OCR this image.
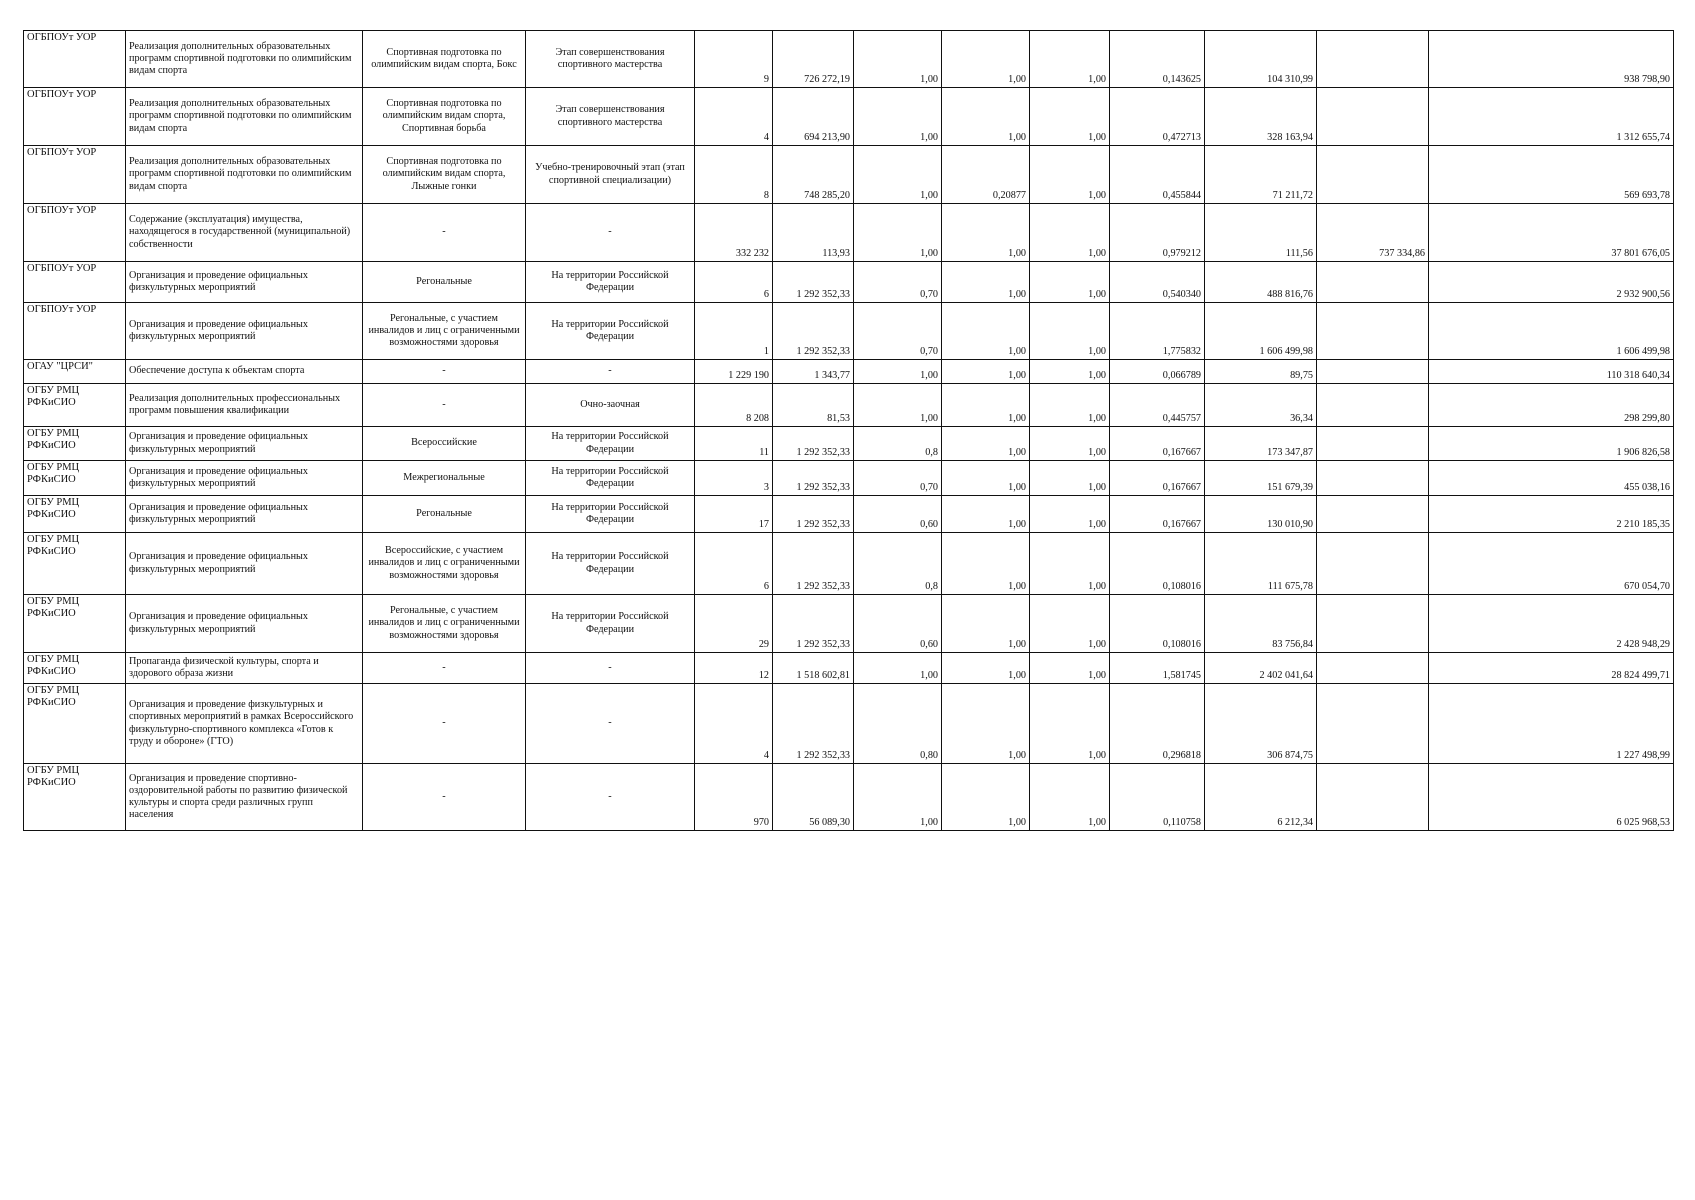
ОГБПОУт УОР	Реализация дополнительных образовательных программ спортивной подготовки по олимпийским видам спорта	Спортивная подготовка по олимпийским видам спорта, Бокс	Этап совершенствования спортивного мастерства	9	726 272,19	1,00	1,00	1,00	0,143625	104 310,99		938 798,90
ОГБПОУт УОР	Реализация дополнительных образовательных программ спортивной подготовки по олимпийским видам спорта	Спортивная подготовка по олимпийским видам спорта, Спортивная борьба	Этап совершенствования спортивного мастерства	4	694 213,90	1,00	1,00	1,00	0,472713	328 163,94		1 312 655,74
ОГБПОУт УОР	Реализация дополнительных образовательных программ спортивной подготовки по олимпийским видам спорта	Спортивная подготовка по олимпийским видам спорта, Лыжные гонки	Учебно-тренировочный этап (этап спортивной специализации)	8	748 285,20	1,00	0,20877	1,00	0,455844	71 211,72		569 693,78
ОГБПОУт УОР	Содержание (эксплуатация) имущества, находящегося в государственной (муниципальной) собственности	-	-	332 232	113,93	1,00	1,00	1,00	0,979212	111,56	737 334,86	37 801 676,05
ОГБПОУт УОР	Организация и проведение официальных физкультурных мероприятий	Регональные	На территории Российской Федерации	6	1 292 352,33	0,70	1,00	1,00	0,540340	488 816,76		2 932 900,56
ОГБПОУт УОР	Организация и проведение официальных физкультурных мероприятий	Регональные, с участием инвалидов и лиц с ограниченными возможностями здоровья	На территории Российской Федерации	1	1 292 352,33	0,70	1,00	1,00	1,775832	1 606 499,98		1 606 499,98
ОГАУ "ЦРСИ"	Обеспечение доступа к объектам спорта	-	-	1 229 190	1 343,77	1,00	1,00	1,00	0,066789	89,75		110 318 640,34
ОГБУ РМЦ РФКиСИО	Реализация дополнительных профессиональных программ повышения квалификации	-	Очно-заочная	8 208	81,53	1,00	1,00	1,00	0,445757	36,34		298 299,80
ОГБУ РМЦ РФКиСИО	Организация и проведение официальных физкультурных мероприятий	Всероссийские	На территории Российской Федерации	11	1 292 352,33	0,8	1,00	1,00	0,167667	173 347,87		1 906 826,58
ОГБУ РМЦ РФКиСИО	Организация и проведение официальных физкультурных мероприятий	Межрегиональные	На территории Российской Федерации	3	1 292 352,33	0,70	1,00	1,00	0,167667	151 679,39		455 038,16
ОГБУ РМЦ РФКиСИО	Организация и проведение официальных физкультурных мероприятий	Регональные	На территории Российской Федерации	17	1 292 352,33	0,60	1,00	1,00	0,167667	130 010,90		2 210 185,35
ОГБУ РМЦ РФКиСИО	Организация и проведение официальных физкультурных мероприятий	Всероссийские, с участием инвалидов и лиц с ограниченными возможностями здоровья	На территории Российской Федерации	6	1 292 352,33	0,8	1,00	1,00	0,108016	111 675,78		670 054,70
ОГБУ РМЦ РФКиСИО	Организация и проведение официальных физкультурных мероприятий	Регональные, с участием инвалидов и лиц с ограниченными возможностями здоровья	На территории Российской Федерации	29	1 292 352,33	0,60	1,00	1,00	0,108016	83 756,84		2 428 948,29
ОГБУ РМЦ РФКиСИО	Пропаганда физической культуры, спорта и здорового образа жизни	-	-	12	1 518 602,81	1,00	1,00	1,00	1,581745	2 402 041,64		28 824 499,71
ОГБУ РМЦ РФКиСИО	Организация и проведение физкультурных и спортивных мероприятий в рамках Всероссийского физкультурно-спортивного комплекса «Готов к труду и обороне» (ГТО)	-	-	4	1 292 352,33	0,80	1,00	1,00	0,296818	306 874,75		1 227 498,99
ОГБУ РМЦ РФКиСИО	Организация и проведение спортивно-оздоровительной работы по развитию физической культуры и спорта среди различных групп населения	-	-	970	56 089,30	1,00	1,00	1,00	0,110758	6 212,34		6 025 968,53
